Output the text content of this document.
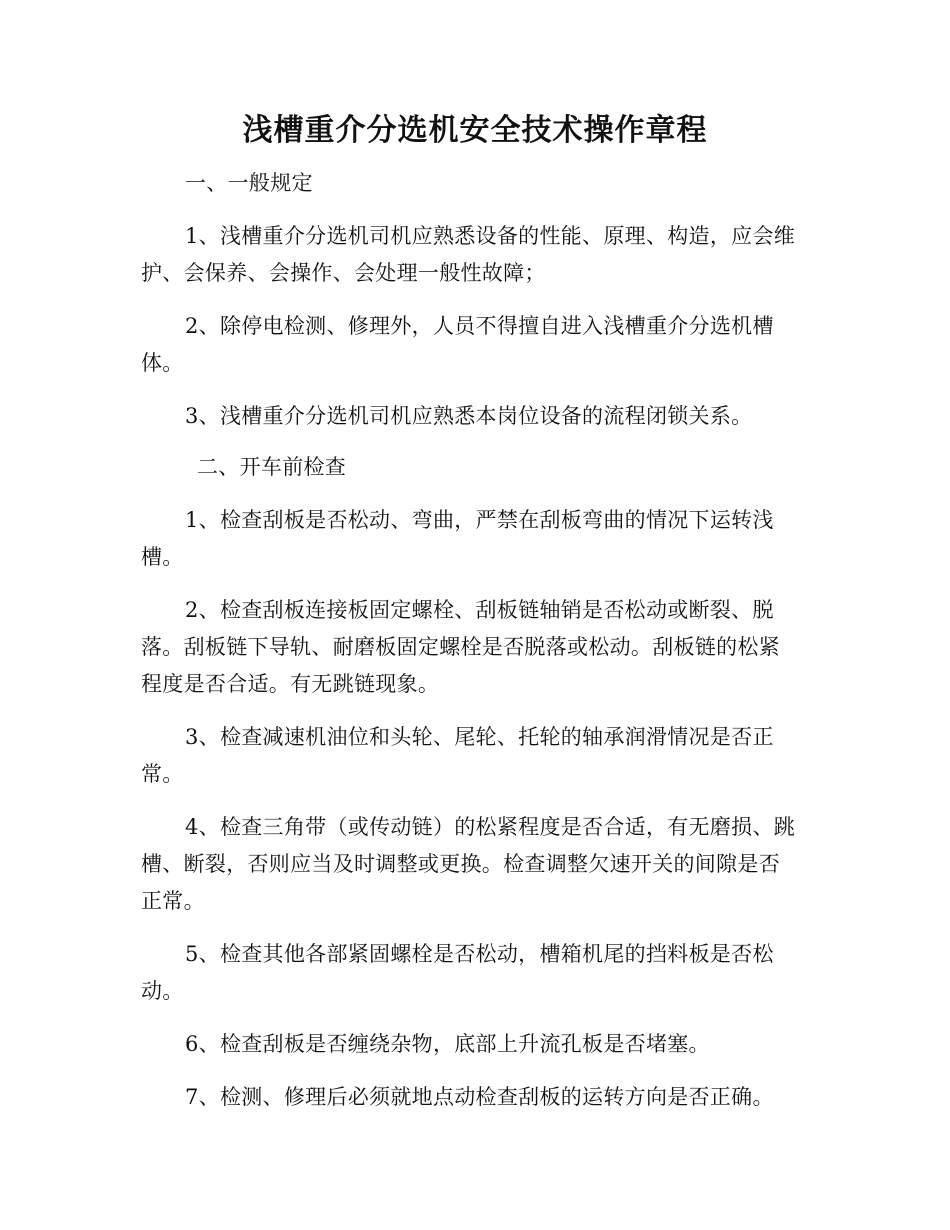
浅槽重介分选机安全技术操作章程
一、一般规定
1、浅槽重介分选机司机应熟悉设备的性能、原理、构造，应会维
护、会保养、会操作、会处理一般性故障；
2、除停电检测、修理外，人员不得擅自进入浅槽重介分选机槽
体。
3、浅槽重介分选机司机应熟悉本岗位设备的流程闭锁关系。
二、开车前检查
1、检查刮板是否松动、弯曲，严禁在刮板弯曲的情况下运转浅
槽。
2、检查刮板连接板固定螺栓、刮板链轴销是否松动或断裂、脱
落。刮板链下导轨、耐磨板固定螺栓是否脱落或松动。刮板链的松紧
程度是否合适。有无跳链现象。
3、检查减速机油位和头轮、尾轮、托轮的轴承润滑情况是否正
常。
4、检查三角带（或传动链）的松紧程度是否合适，有无磨损、跳
槽、断裂，否则应当及时调整或更换。检查调整欠速开关的间隙是否
正常。
5、检查其他各部紧固螺栓是否松动，槽箱机尾的挡料板是否松
动。
6、检查刮板是否缠绕杂物，底部上升流孔板是否堵塞。
7、检测、修理后必须就地点动检查刮板的运转方向是否正确。
